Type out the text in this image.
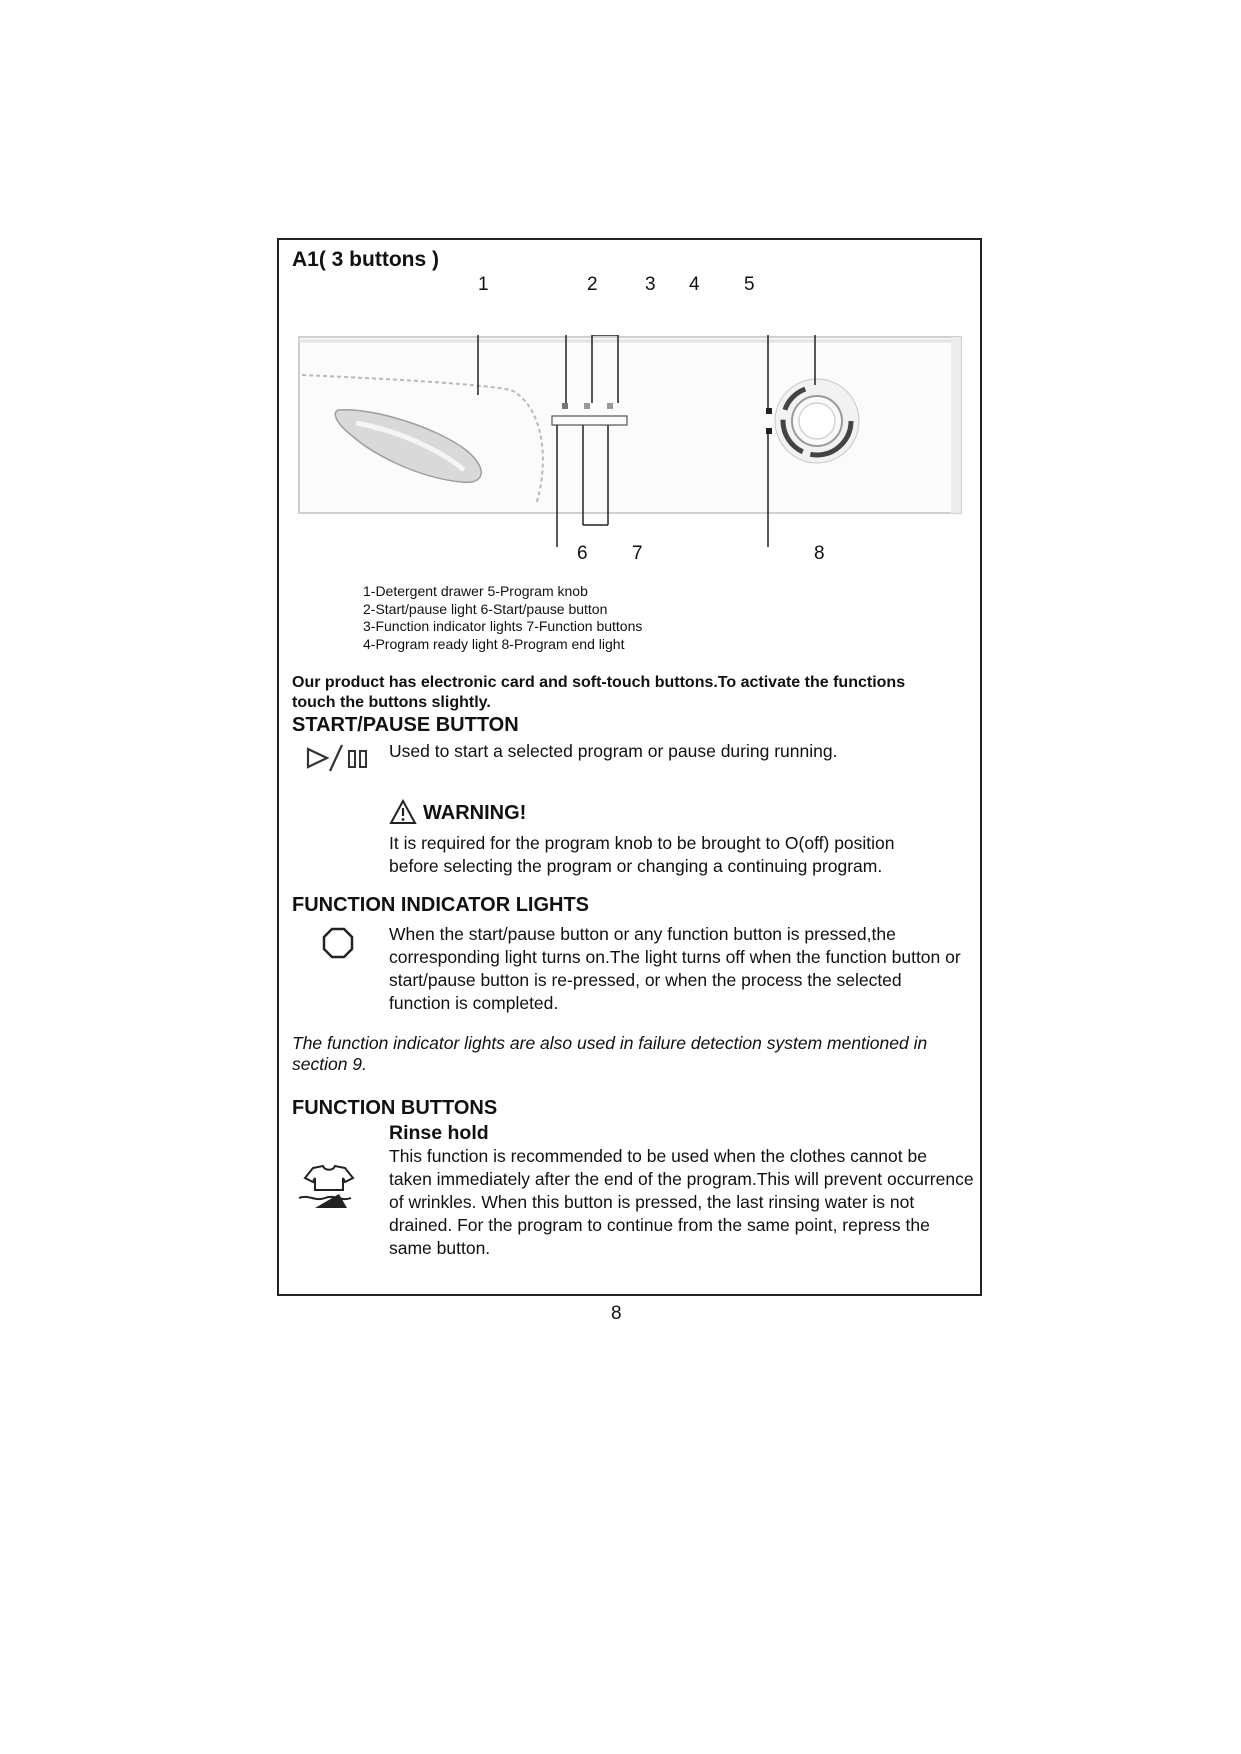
A1( 3 buttons )
1	2 3 4 5
6 7	8
1-Detergent drawer 5-Program knob
2-Start/pause light 6-Start/pause button
3-Function indicator lights 7-Function buttons
4-Program ready light 8-Program end light
Our product has electronic card and soft-touch buttons.To activate the functions touch the buttons slightly.
START/PAUSE BUTTON
Used to start a selected program or pause during running.
WARNING!
It is required for the program knob to be brought to O(off) position before selecting the program or changing a continuing program.
FUNCTION INDICATOR LIGHTS
When the start/pause button or any function button is pressed,the corresponding light turns on.The light turns off when the function button or start/pause button is re-pressed, or when the process the selected function is completed.
The function indicator lights are also used in failure detection system mentioned in section 9.
FUNCTION BUTTONS
Rinse hold
This function is recommended to be used when the clothes cannot be taken immediately after the end of the program.This will prevent occurrence of wrinkles. When this button is pressed, the last rinsing water is not drained. For the program to continue from the same point, repress the same button.
8
